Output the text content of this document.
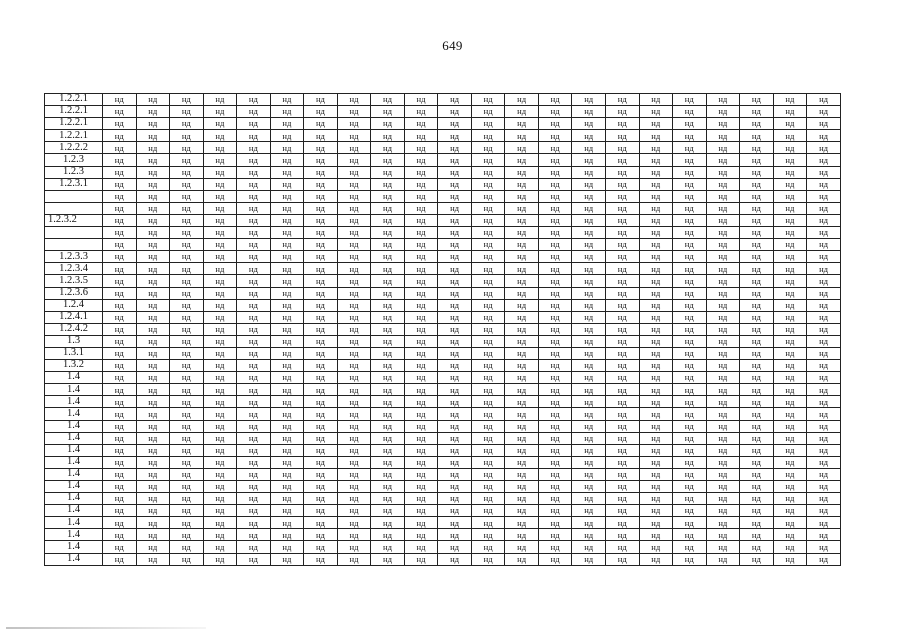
649
1.2.2.1	нд	нд	нд	нд	нд	нд	нд	нд	нд	нд	нд	нд	нд	нд	нд	нд	нд	нд	нд	нд	нд	нд
1.2.2.1	нд	нд	нд	нд	нд	нд	нд	нд	нд	нд	нд	нд	нд	нд	нд	нд	нд	нд	нд	нд	нд	нд
1.2.2.1	нд	нд	нд	нд	нд	нд	нд	нд	нд	нд	нд	нд	нд	нд	нд	нд	нд	нд	нд	нд	нд	нд
1.2.2.1	нд	нд	нд	нд	нд	нд	нд	нд	нд	нд	нд	нд	нд	нд	нд	нд	нд	нд	нд	нд	нд	нд
1.2.2.2	нд	нд	нд	нд	нд	нд	нд	нд	нд	нд	нд	нд	нд	нд	нд	нд	нд	нд	нд	нд	нд	нд
1.2.3	нд	нд	нд	нд	нд	нд	нд	нд	нд	нд	нд	нд	нд	нд	нд	нд	нд	нд	нд	нд	нд	нд
1.2.3	нд	нд	нд	нд	нд	нд	нд	нд	нд	нд	нд	нд	нд	нд	нд	нд	нд	нд	нд	нд	нд	нд
1.2.3.1	нд	нд	нд	нд	нд	нд	нд	нд	нд	нд	нд	нд	нд	нд	нд	нд	нд	нд	нд	нд	нд	нд
	нд	нд	нд	нд	нд	нд	нд	нд	нд	нд	нд	нд	нд	нд	нд	нд	нд	нд	нд	нд	нд	нд
	нд	нд	нд	нд	нд	нд	нд	нд	нд	нд	нд	нд	нд	нд	нд	нд	нд	нд	нд	нд	нд	нд
1.2.3.2	нд	нд	нд	нд	нд	нд	нд	нд	нд	нд	нд	нд	нд	нд	нд	нд	нд	нд	нд	нд	нд	нд
	нд	нд	нд	нд	нд	нд	нд	нд	нд	нд	нд	нд	нд	нд	нд	нд	нд	нд	нд	нд	нд	нд
	нд	нд	нд	нд	нд	нд	нд	нд	нд	нд	нд	нд	нд	нд	нд	нд	нд	нд	нд	нд	нд	нд
1.2.3.3	нд	нд	нд	нд	нд	нд	нд	нд	нд	нд	нд	нд	нд	нд	нд	нд	нд	нд	нд	нд	нд	нд
1.2.3.4	нд	нд	нд	нд	нд	нд	нд	нд	нд	нд	нд	нд	нд	нд	нд	нд	нд	нд	нд	нд	нд	нд
1.2.3.5	нд	нд	нд	нд	нд	нд	нд	нд	нд	нд	нд	нд	нд	нд	нд	нд	нд	нд	нд	нд	нд	нд
1.2.3.6	нд	нд	нд	нд	нд	нд	нд	нд	нд	нд	нд	нд	нд	нд	нд	нд	нд	нд	нд	нд	нд	нд
1.2.4	нд	нд	нд	нд	нд	нд	нд	нд	нд	нд	нд	нд	нд	нд	нд	нд	нд	нд	нд	нд	нд	нд
1.2.4.1	нд	нд	нд	нд	нд	нд	нд	нд	нд	нд	нд	нд	нд	нд	нд	нд	нд	нд	нд	нд	нд	нд
1.2.4.2	нд	нд	нд	нд	нд	нд	нд	нд	нд	нд	нд	нд	нд	нд	нд	нд	нд	нд	нд	нд	нд	нд
1.3	нд	нд	нд	нд	нд	нд	нд	нд	нд	нд	нд	нд	нд	нд	нд	нд	нд	нд	нд	нд	нд	нд
1.3.1	нд	нд	нд	нд	нд	нд	нд	нд	нд	нд	нд	нд	нд	нд	нд	нд	нд	нд	нд	нд	нд	нд
1.3.2	нд	нд	нд	нд	нд	нд	нд	нд	нд	нд	нд	нд	нд	нд	нд	нд	нд	нд	нд	нд	нд	нд
1.4	нд	нд	нд	нд	нд	нд	нд	нд	нд	нд	нд	нд	нд	нд	нд	нд	нд	нд	нд	нд	нд	нд
1.4	нд	нд	нд	нд	нд	нд	нд	нд	нд	нд	нд	нд	нд	нд	нд	нд	нд	нд	нд	нд	нд	нд
1.4	нд	нд	нд	нд	нд	нд	нд	нд	нд	нд	нд	нд	нд	нд	нд	нд	нд	нд	нд	нд	нд	нд
1.4	нд	нд	нд	нд	нд	нд	нд	нд	нд	нд	нд	нд	нд	нд	нд	нд	нд	нд	нд	нд	нд	нд
1.4	нд	нд	нд	нд	нд	нд	нд	нд	нд	нд	нд	нд	нд	нд	нд	нд	нд	нд	нд	нд	нд	нд
1.4	нд	нд	нд	нд	нд	нд	нд	нд	нд	нд	нд	нд	нд	нд	нд	нд	нд	нд	нд	нд	нд	нд
1.4	нд	нд	нд	нд	нд	нд	нд	нд	нд	нд	нд	нд	нд	нд	нд	нд	нд	нд	нд	нд	нд	нд
1.4	нд	нд	нд	нд	нд	нд	нд	нд	нд	нд	нд	нд	нд	нд	нд	нд	нд	нд	нд	нд	нд	нд
1.4	нд	нд	нд	нд	нд	нд	нд	нд	нд	нд	нд	нд	нд	нд	нд	нд	нд	нд	нд	нд	нд	нд
1.4	нд	нд	нд	нд	нд	нд	нд	нд	нд	нд	нд	нд	нд	нд	нд	нд	нд	нд	нд	нд	нд	нд
1.4	нд	нд	нд	нд	нд	нд	нд	нд	нд	нд	нд	нд	нд	нд	нд	нд	нд	нд	нд	нд	нд	нд
1.4	нд	нд	нд	нд	нд	нд	нд	нд	нд	нд	нд	нд	нд	нд	нд	нд	нд	нд	нд	нд	нд	нд
1.4	нд	нд	нд	нд	нд	нд	нд	нд	нд	нд	нд	нд	нд	нд	нд	нд	нд	нд	нд	нд	нд	нд
1.4	нд	нд	нд	нд	нд	нд	нд	нд	нд	нд	нд	нд	нд	нд	нд	нд	нд	нд	нд	нд	нд	нд
1.4	нд	нд	нд	нд	нд	нд	нд	нд	нд	нд	нд	нд	нд	нд	нд	нд	нд	нд	нд	нд	нд	нд
1.4	нд	нд	нд	нд	нд	нд	нд	нд	нд	нд	нд	нд	нд	нд	нд	нд	нд	нд	нд	нд	нд	нд
